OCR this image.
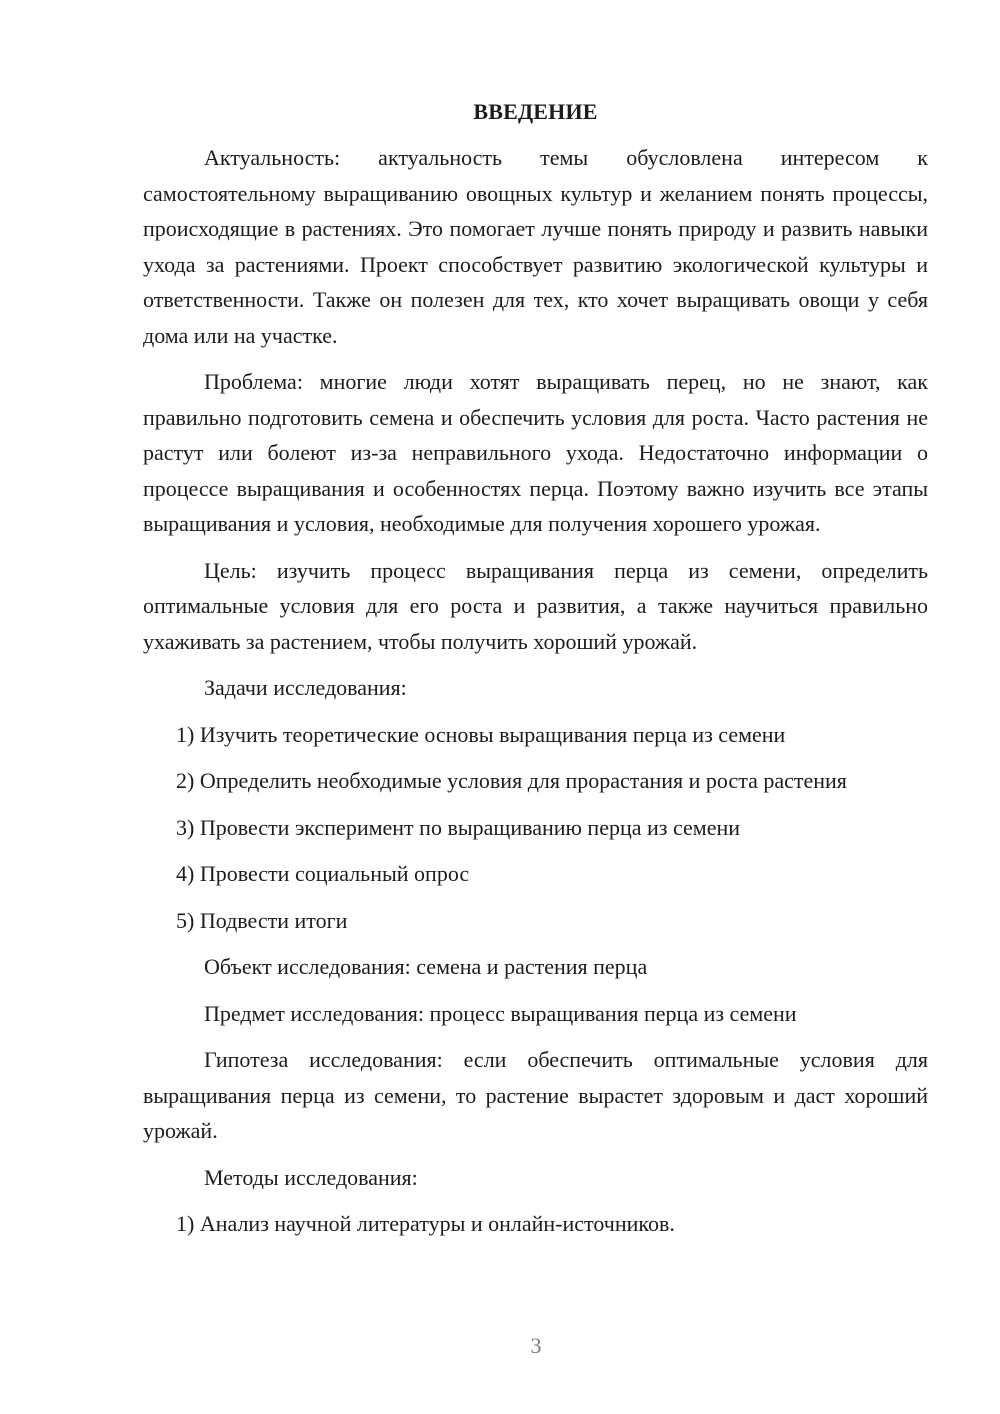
ВВЕДЕНИЕ

Актуальность: актуальность темы обусловлена интересом к самостоятельному выращиванию овощных культур и желанием понять процессы, происходящие в растениях. Это помогает лучше понять природу и развить навыки ухода за растениями. Проект способствует развитию экологической культуры и ответственности. Также он полезен для тех, кто хочет выращивать овощи у себя дома или на участке.

Проблема: многие люди хотят выращивать перец, но не знают, как правильно подготовить семена и обеспечить условия для роста. Часто растения не растут или болеют из-за неправильного ухода. Недостаточно информации о процессе выращивания и особенностях перца. Поэтому важно изучить все этапы выращивания и условия, необходимые для получения хорошего урожая.

Цель: изучить процесс выращивания перца из семени, определить оптимальные условия для его роста и развития, а также научиться правильно ухаживать за растением, чтобы получить хороший урожай.

Задачи исследования:

1) Изучить теоретические основы выращивания перца из семени

2) Определить необходимые условия для прорастания и роста растения

3) Провести эксперимент по выращиванию перца из семени

4) Провести социальный опрос

5) Подвести итоги

Объект исследования: семена и растения перца

Предмет исследования: процесс выращивания перца из семени

Гипотеза исследования: если обеспечить оптимальные условия для выращивания перца из семени, то растение вырастет здоровым и даст хороший урожай.

Методы исследования:

1) Анализ научной литературы и онлайн-источников.

3
